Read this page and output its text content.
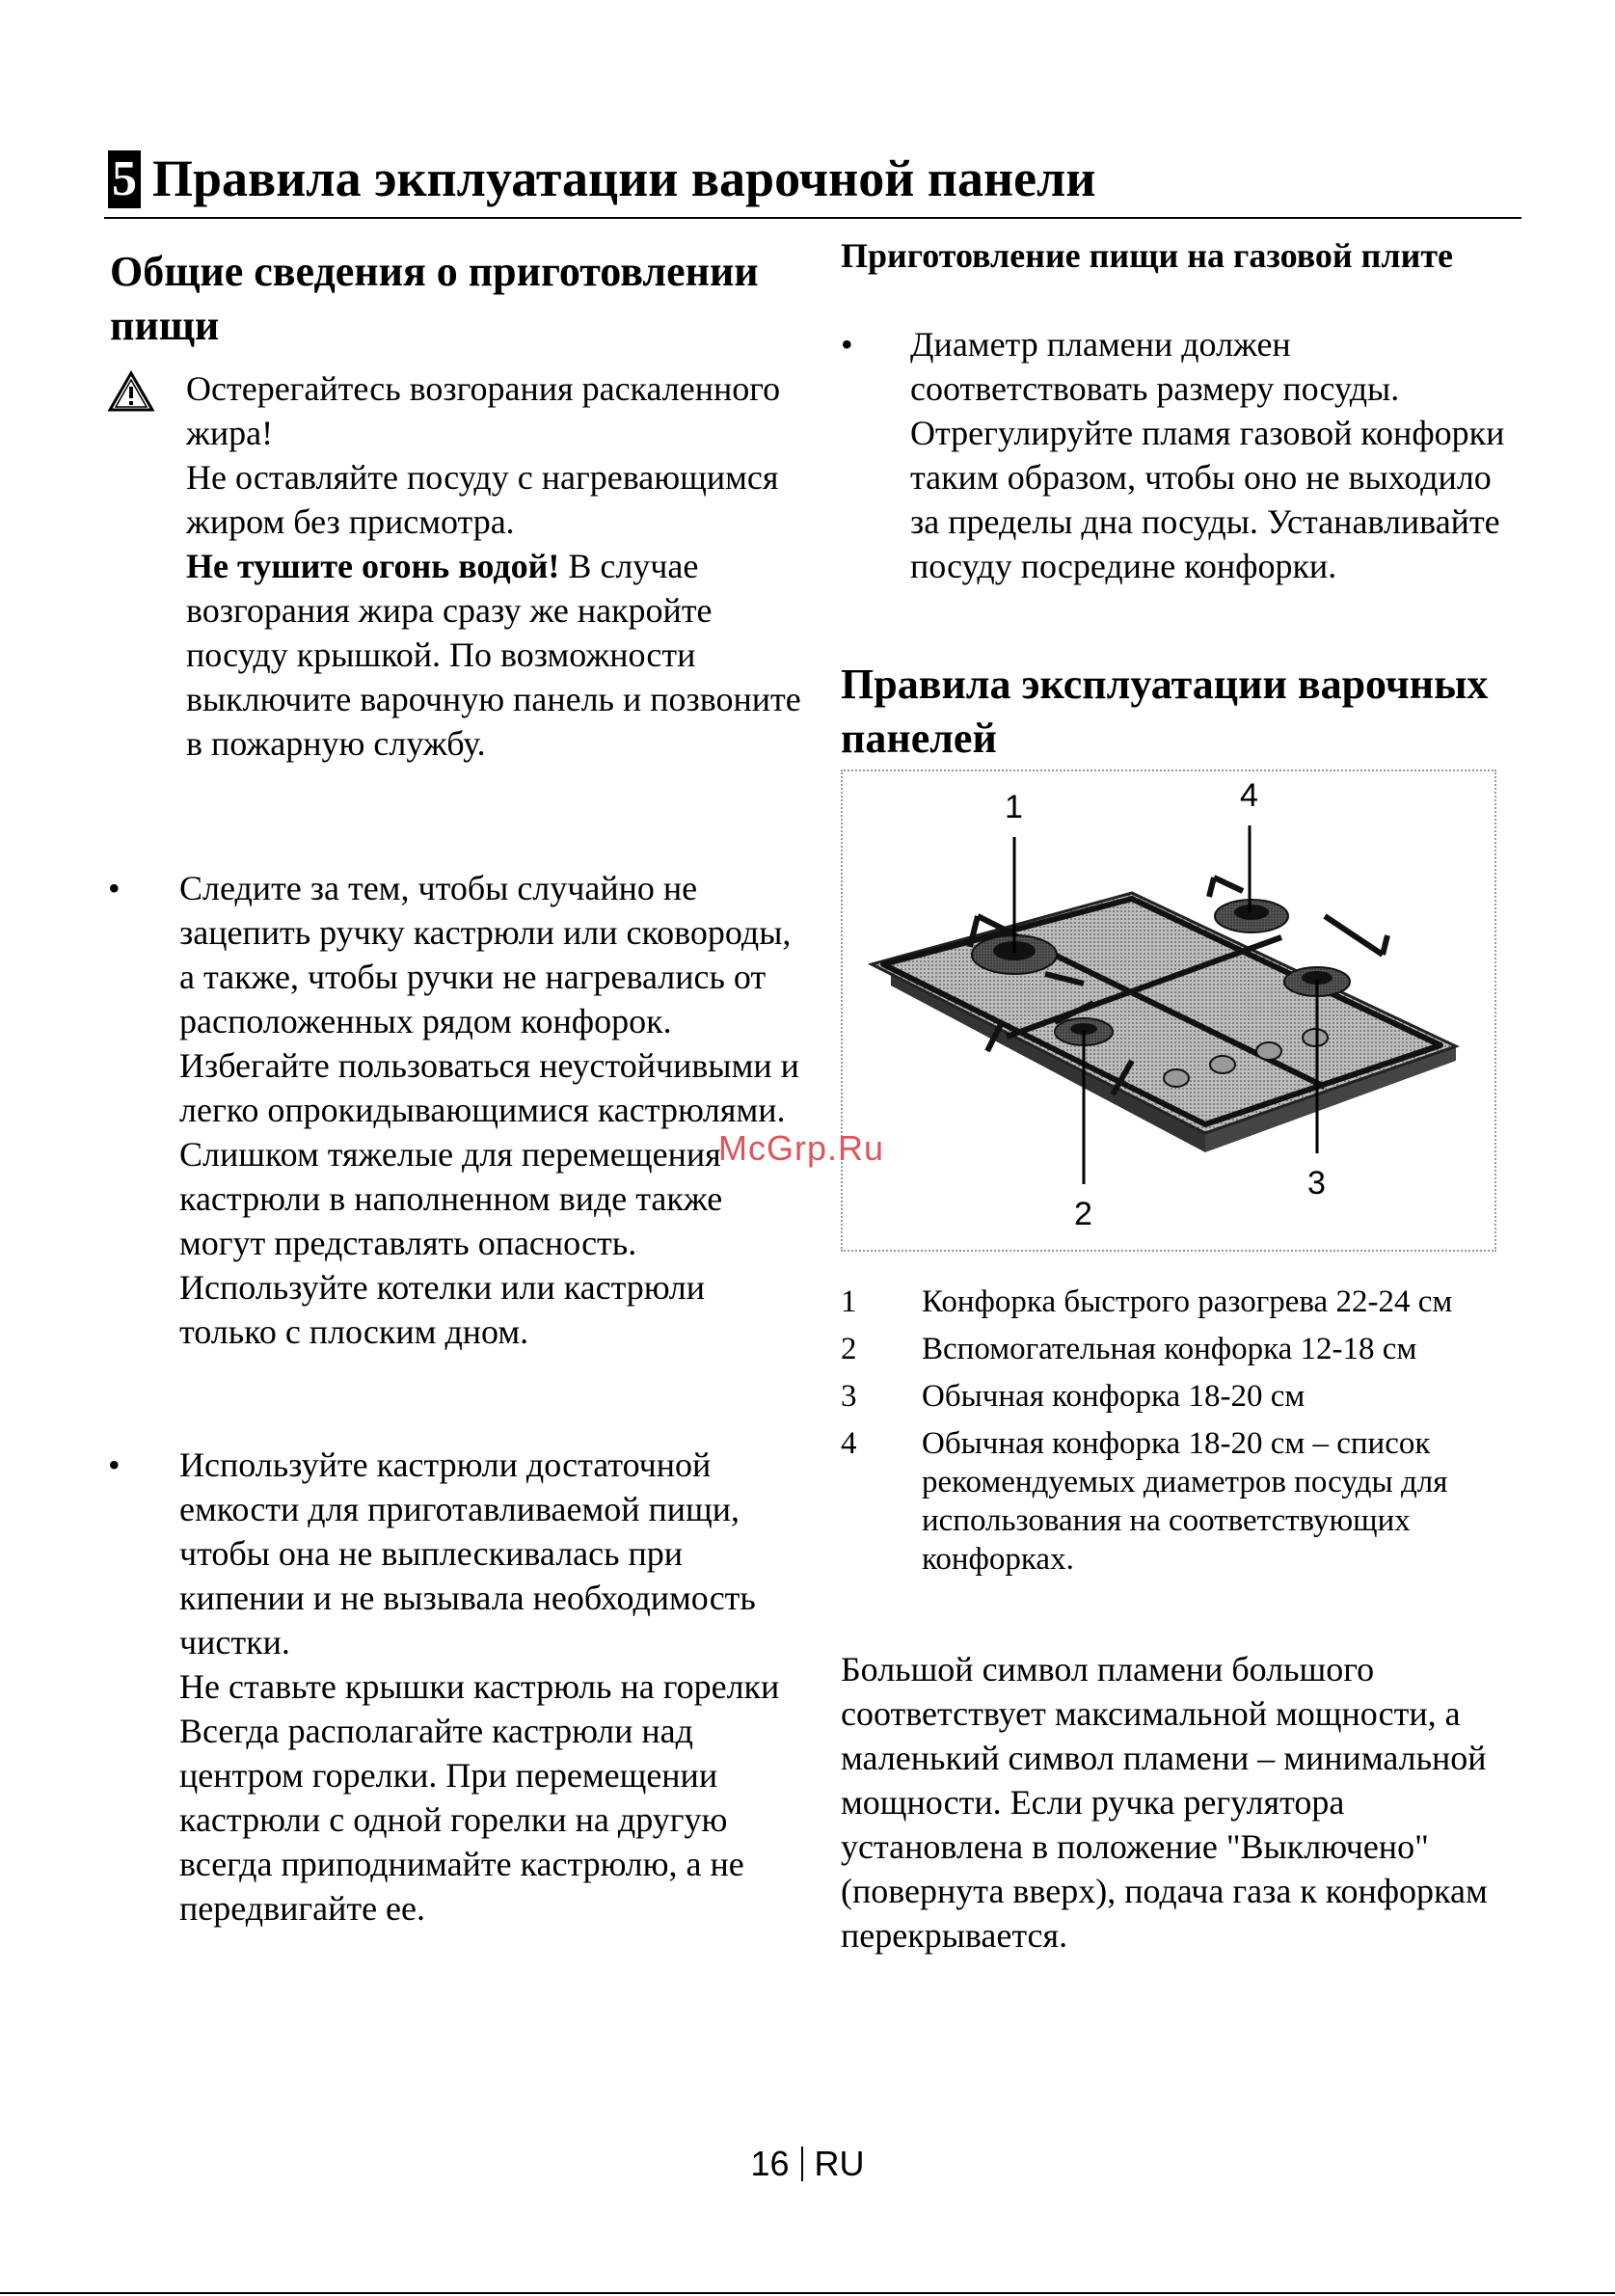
5 Правила экплуатации варочной панели
Общие сведения о приготовлении пищи

Остерегайтесь возгорания раскаленного жира!

Не оставляйте посуду с нагревающимся жиром без присмотра.

Не тушите огонь водой! В случае возгорания жира сразу же накройте посуду крышкой. По возможности выключите варочную панель и позвоните в пожарную службу.

• Следите за тем, чтобы случайно не зацепить ручку кастрюли или сковороды, а также, чтобы ручки не нагревались от расположенных рядом конфорок. Избегайте пользоваться неустойчивыми и легко опрокидывающимися кастрюлями. Слишком тяжелые для перемещения кастрюли в наполненном виде также могут представлять опасность.

Используйте котелки или кастрюли только с плоским дном.

• Используйте кастрюли достаточной емкости для приготавливаемой пищи, чтобы она не выплескивалась при кипении и не вызывала необходимость чистки.

Не ставьте крышки кастрюль на горелки

Всегда располагайте кастрюли над центром горелки. При перемещении кастрюли с одной горелки на другую всегда приподнимайте кастрюлю, а не передвигайте ее.

Приготовление пищи на газовой плите
• Диаметр пламени должен соответствовать размеру посуды. Отрегулируйте пламя газовой конфорки таким образом, чтобы оно не выходило за пределы дна посуды. Устанавливайте посуду посредине конфорки.
Правила эксплуатации варочных панелей
1	4
2
3
1	Конфорка быстрого разогрева 22-24 см
2	Вспомогательная конфорка 12-18 см
3	Обычная конфорка 18-20 см
4	Обычная конфорка 18-20 см – список рекомендуемых диаметров посуды для использования на соответствующих конфорках.
Большой символ пламени большого соответствует максимальной мощности, а маленький символ пламени – минимальной мощности. Если ручка регулятора установлена в положение "Выключено" (повернута вверх), подача газа к конфоркам перекрывается.
McGrp.Ru
16 RU
